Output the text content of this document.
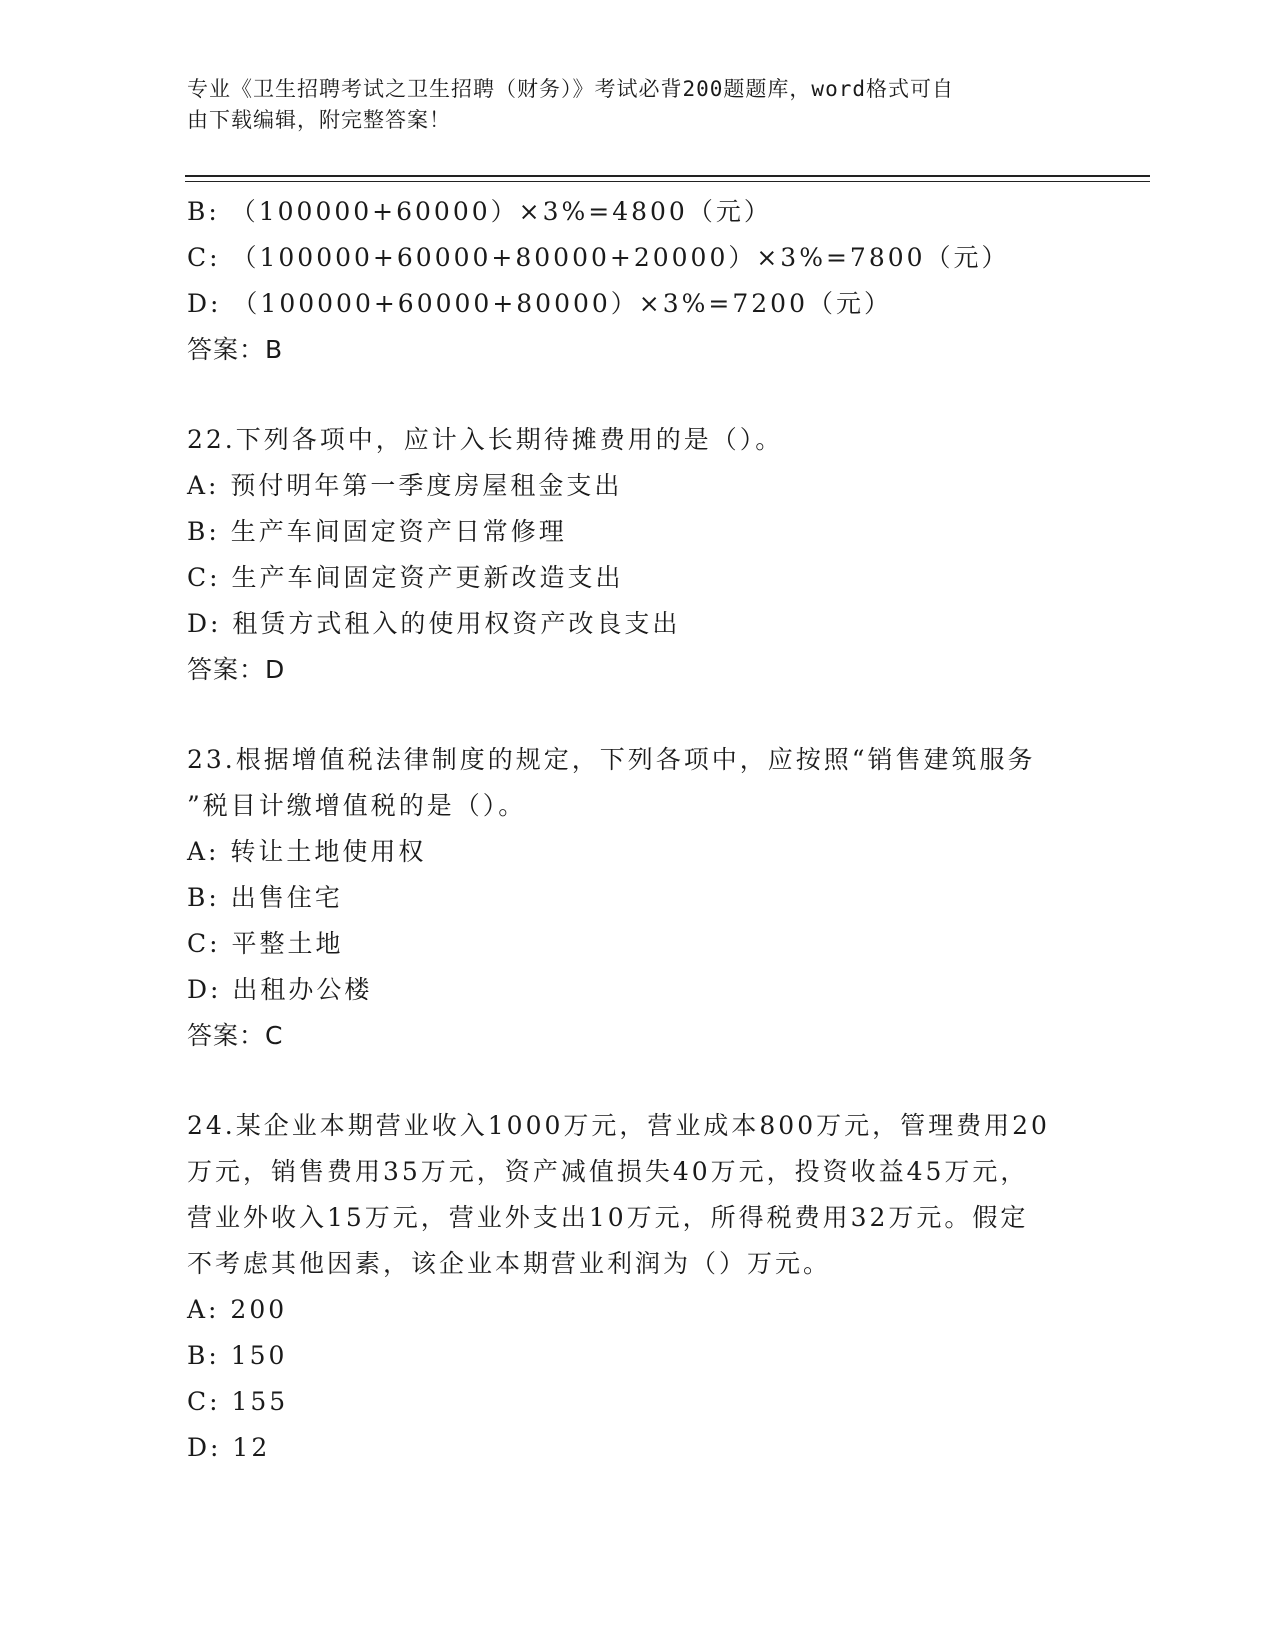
专业《卫生招聘考试之卫生招聘（财务）》考试必背200题题库，word格式可自
由下载编辑，附完整答案！
B: （100000+60000）×3%=4800（元）
C: （100000+60000+80000+20000）×3%=7800（元）
D: （100000+60000+80000）×3%=7200（元）
答案：B
22.下列各项中，应计入长期待摊费用的是（）。
A: 预付明年第一季度房屋租金支出
B: 生产车间固定资产日常修理
C: 生产车间固定资产更新改造支出
D: 租赁方式租入的使用权资产改良支出
答案：D
23.根据增值税法律制度的规定，下列各项中，应按照“销售建筑服务
”税目计缴增值税的是（）。
A: 转让土地使用权
B: 出售住宅
C: 平整土地
D: 出租办公楼
答案：C
24.某企业本期营业收入1000万元，营业成本800万元，管理费用20
万元，销售费用35万元，资产减值损失40万元，投资收益45万元，
营业外收入15万元，营业外支出10万元，所得税费用32万元。假定
不考虑其他因素，该企业本期营业利润为（）万元。
A: 200
B: 150
C: 155
D: 12
